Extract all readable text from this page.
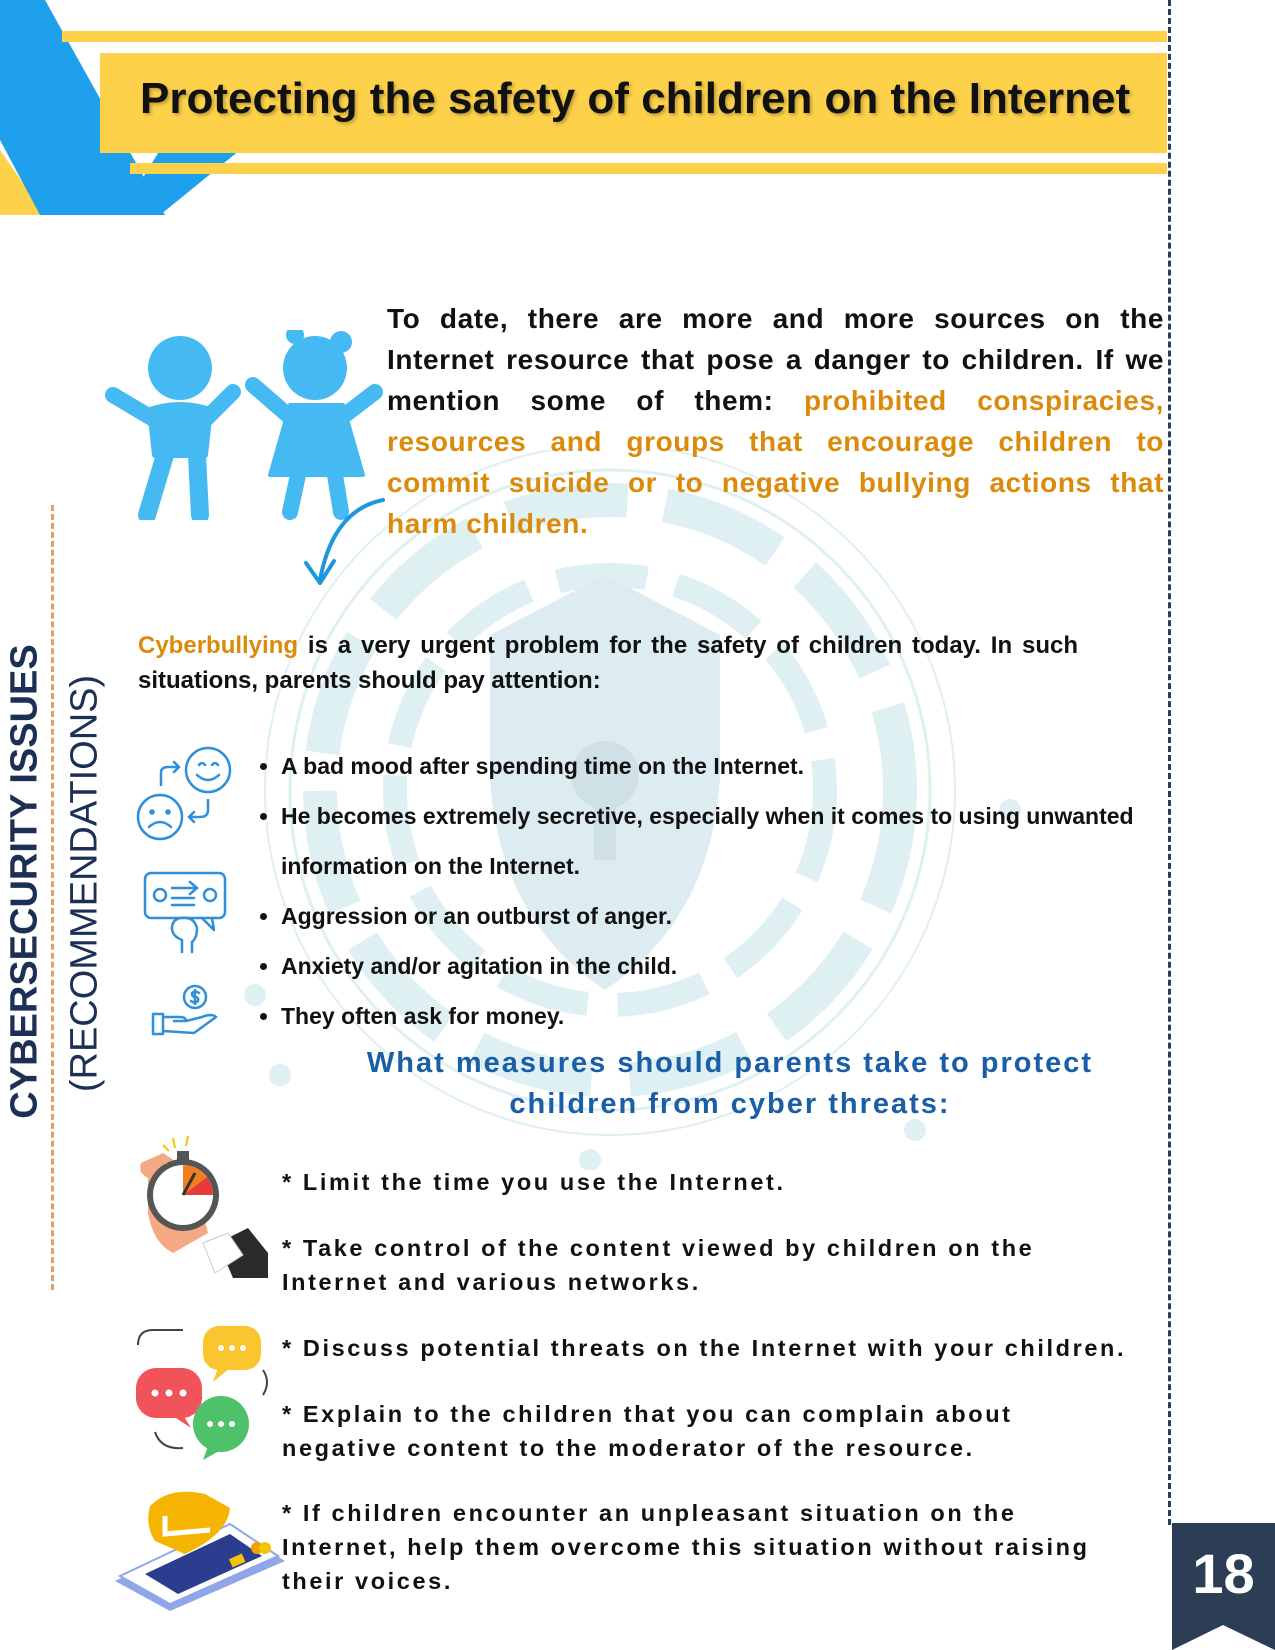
Protecting the safety of children on the Internet
CYBERSECURITY ISSUES (RECOMMENDATIONS)
To date, there are more and more sources on the Internet resource that pose a danger to children. If we mention some of them: prohibited conspiracies, resources and groups that encourage children to commit suicide or to negative bullying actions that harm children.
Cyberbullying is a very urgent problem for the safety of children today. In such situations, parents should pay attention:
• A bad mood after spending time on the Internet.
• He becomes extremely secretive, especially when it comes to using unwanted information on the Internet.
• Aggression or an outburst of anger.
• Anxiety and/or agitation in the child.
• They often ask for money.
What measures should parents take to protect children from cyber threats:
* Limit the time you use the Internet.
* Take control of the content viewed by children on the
Internet and various networks.
* Discuss potential threats on the Internet with your children.
* Explain to the children that you can complain about
negative content to the moderator of the resource.
* If children encounter an unpleasant situation on the
Internet, help them overcome this situation without raising
their voices.	18
